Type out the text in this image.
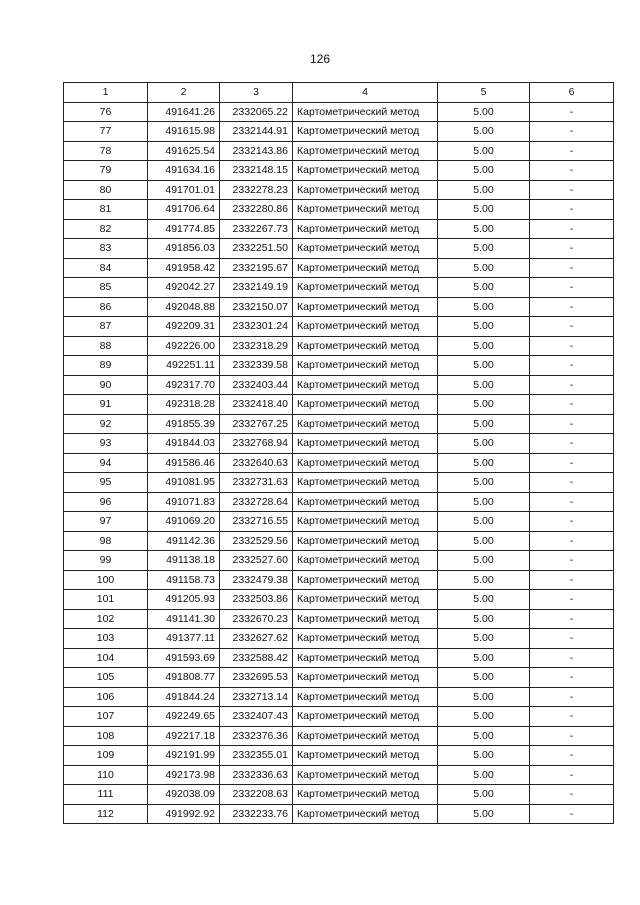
126
1	2	3	4	5	6
76	491641.26	2332065.22	Картометрический метод	5.00	-
77	491615.98	2332144.91	Картометрический метод	5.00	-
78	491625.54	2332143.86	Картометрический метод	5.00	-
79	491634.16	2332148.15	Картометрический метод	5.00	-
80	491701.01	2332278.23	Картометрический метод	5.00	-
81	491706.64	2332280.86	Картометрический метод	5.00	-
82	491774.85	2332267.73	Картометрический метод	5.00	-
83	491856.03	2332251.50	Картометрический метод	5.00	-
84	491958.42	2332195.67	Картометрический метод	5.00	-
85	492042.27	2332149.19	Картометрический метод	5.00	-
86	492048.88	2332150.07	Картометрический метод	5.00	-
87	492209.31	2332301.24	Картометрический метод	5.00	-
88	492226.00	2332318.29	Картометрический метод	5.00	-
89	492251.11	2332339.58	Картометрический метод	5.00	-
90	492317.70	2332403.44	Картометрический метод	5.00	-
91	492318.28	2332418.40	Картометрический метод	5.00	-
92	491855.39	2332767.25	Картометрический метод	5.00	-
93	491844.03	2332768.94	Картометрический метод	5.00	-
94	491586.46	2332640.63	Картометрический метод	5.00	-
95	491081.95	2332731.63	Картометрический метод	5.00	-
96	491071.83	2332728.64	Картометрический метод	5.00	-
97	491069.20	2332716.55	Картометрический метод	5.00	-
98	491142.36	2332529.56	Картометрический метод	5.00	-
99	491138.18	2332527.60	Картометрический метод	5.00	-
100	491158.73	2332479.38	Картометрический метод	5.00	-
101	491205.93	2332503.86	Картометрический метод	5.00	-
102	491141.30	2332670.23	Картометрический метод	5.00	-
103	491377.11	2332627.62	Картометрический метод	5.00	-
104	491593.69	2332588.42	Картометрический метод	5.00	-
105	491808.77	2332695.53	Картометрический метод	5.00	-
106	491844.24	2332713.14	Картометрический метод	5.00	-
107	492249.65	2332407.43	Картометрический метод	5.00	-
108	492217.18	2332376.36	Картометрический метод	5.00	-
109	492191.99	2332355.01	Картометрический метод	5.00	-
110	492173.98	2332336.63	Картометрический метод	5.00	-
111	492038.09	2332208.63	Картометрический метод	5.00	-
112	491992.92	2332233.76	Картометрический метод	5.00	-
